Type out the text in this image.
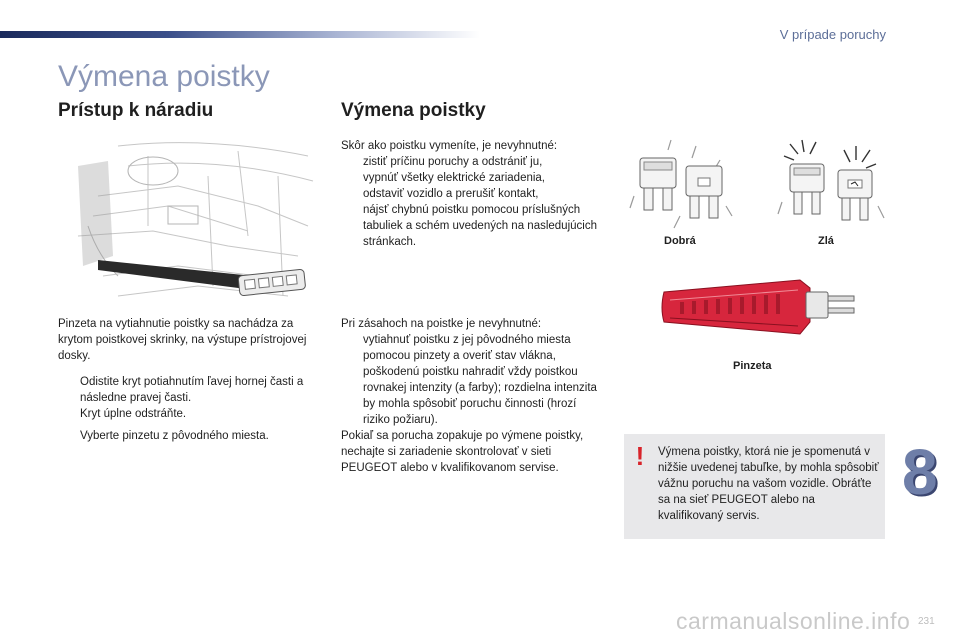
V prípade poruchy
Výmena poistky
Prístup k náradiu

Pinzeta na vytiahnutie poistky sa nachádza za krytom poistkovej skrinky, na výstupe prístrojovej dosky.

Odistite kryt potiahnutím ľavej hornej časti a následne pravej časti.
Kryt úplne odstráňte.
Vyberte pinzetu z pôvodného miesta.
Výmena poistky

Skôr ako poistku vymeníte, je nevyhnutné:

zistiť príčinu poruchy a odstrániť ju,
vypnúť všetky elektrické zariadenia,
odstaviť vozidlo a prerušiť kontakt,
nájsť chybnú poistku pomocou príslušných tabuliek a schém uvedených na nasledujúcich stránkach.

Pri zásahoch na poistke je nevyhnutné:

vytiahnuť poistku z jej pôvodného miesta pomocou pinzety a overiť stav vlákna,
poškodenú poistku nahradiť vždy poistkou rovnakej intenzity (a farby); rozdielna intenzita by mohla spôsobiť poruchu činnosti (hrozí riziko požiaru).

Pokiaľ sa porucha zopakuje po výmene poistky, nechajte si zariadenie skontrolovať v sieti PEUGEOT alebo v kvalifikovanom servise.

Dobrá	Zlá
Pinzeta
!	Výmena poistky, ktorá nie je spomenutá v nižšie uvedenej tabuľke, by mohla spôsobiť vážnu poruchu na vašom vozidle. Obráťte sa na sieť PEUGEOT alebo na kvalifikovaný servis.
8
231
carmanualsonline.info
